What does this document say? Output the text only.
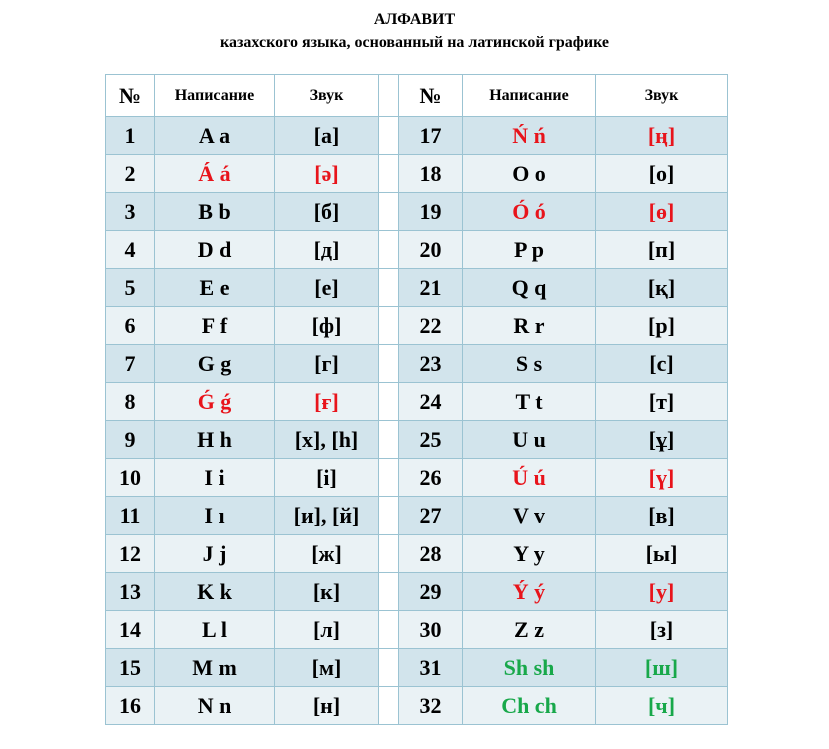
АЛФАВИТ
казахского языка, основанный на латинской графике
№	Написание	Звук		№	Написание	Звук
1	A a	[а]		17	Ń ń	[ң]
2	Á á	[ә]		18	O o	[о]
3	B b	[б]		19	Ó ó	[ө]
4	D d	[д]		20	P p	[п]
5	E e	[е]		21	Q q	[қ]
6	F f	[ф]		22	R r	[р]
7	G g	[г]		23	S s	[с]
8	Ǵ ǵ	[ғ]		24	T t	[т]
9	H h	[х], [һ]		25	U u	[ұ]
10	I i	[і]		26	Ú ú	[ү]
11	I ı	[и], [й]		27	V v	[в]
12	J j	[ж]		28	Y y	[ы]
13	K k	[к]		29	Ý ý	[у]
14	L l	[л]		30	Z z	[з]
15	M m	[м]		31	Sh sh	[ш]
16	N n	[н]		32	Ch ch	[ч]
